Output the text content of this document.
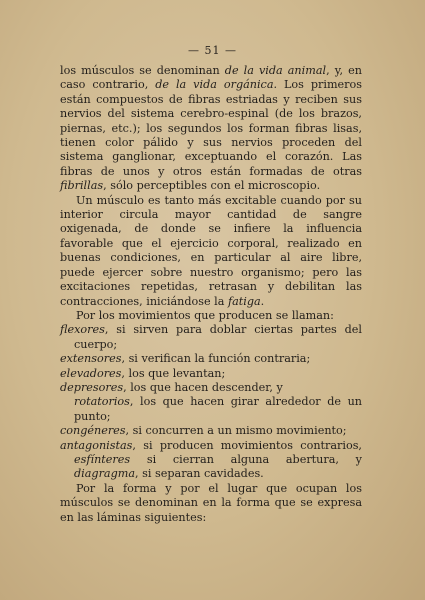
— 51 —

los músculos se denominan de la vida animal, y, en caso contrario, de la vida orgánica. Los primeros están compuestos de fibras estriadas y reciben sus nervios del sistema cerebro-espinal (de los brazos, piernas, etc.); los segundos los forman fibras lisas, tienen color pálido y sus nervios proceden del sistema ganglionar, exceptuando el corazón. Las fibras de unos y otros están formadas de otras fibrillas, sólo perceptibles con el microscopio.

Un músculo es tanto más excitable cuando por su interior circula mayor cantidad de sangre oxigenada, de donde se infiere la influencia favorable que el ejercicio corporal, realizado en buenas condiciones, en particular al aire libre, puede ejercer sobre nuestro organismo; pero las excitaciones repetidas, retrasan y debilitan las contracciones, iniciándose la fatiga.

Por los movimientos que producen se llaman:

flexores, si sirven para doblar ciertas partes del cuerpo;

extensores, si verifican la función contraria;

elevadores, los que levantan;

depresores, los que hacen descender, y

rotatorios, los que hacen girar alrededor de un punto;

congéneres, si concurren a un mismo movimiento;

antagonistas, si producen movimientos contrarios, esfínteres si cierran alguna abertura, y diagragma, si separan cavidades.

Por la forma y por el lugar que ocupan los músculos se denominan en la forma que se expresa en las láminas siguientes:
